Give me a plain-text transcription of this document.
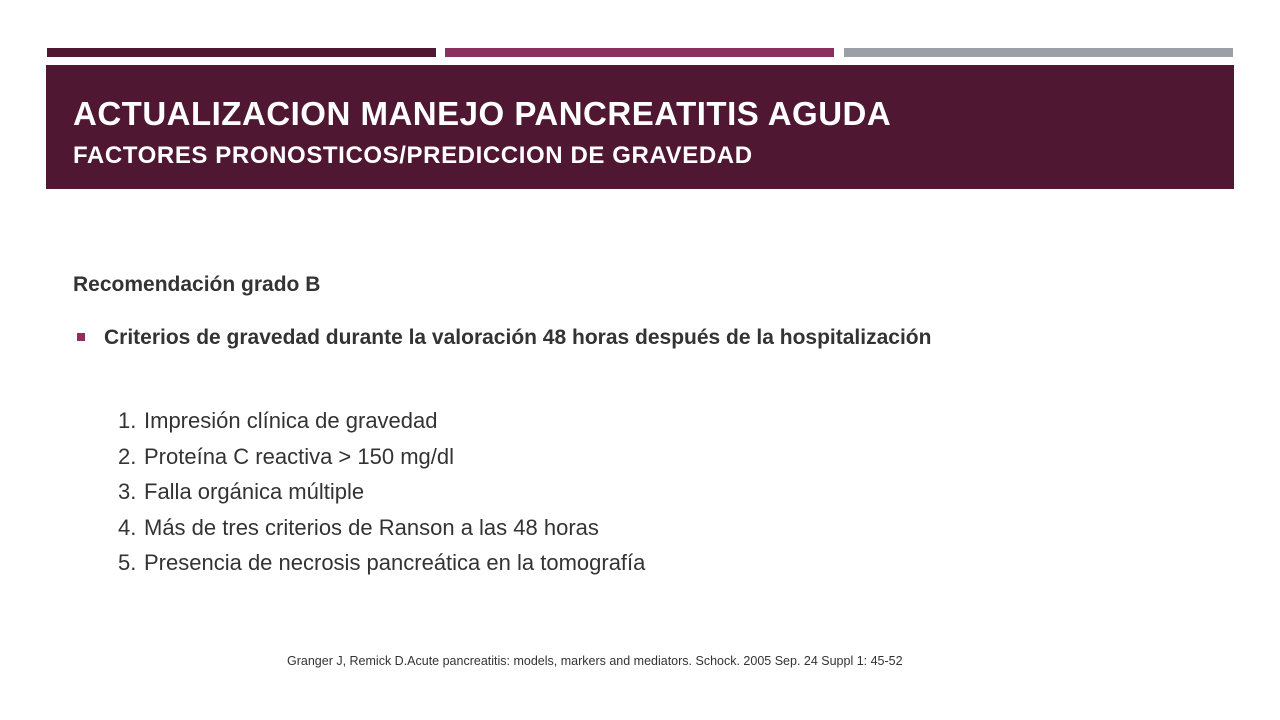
ACTUALIZACION MANEJO PANCREATITIS AGUDA
FACTORES PRONOSTICOS/PREDICCION DE GRAVEDAD
Recomendación grado B
Criterios de gravedad durante la valoración 48 horas después de la hospitalización
1. Impresión clínica de gravedad
2. Proteína C reactiva > 150 mg/dl
3. Falla orgánica múltiple
4. Más de tres criterios de Ranson a las 48 horas
5. Presencia de necrosis pancreática en la tomografía
Granger J, Remick D.Acute pancreatitis: models, markers and mediators. Schock. 2005 Sep. 24 Suppl 1: 45-52
